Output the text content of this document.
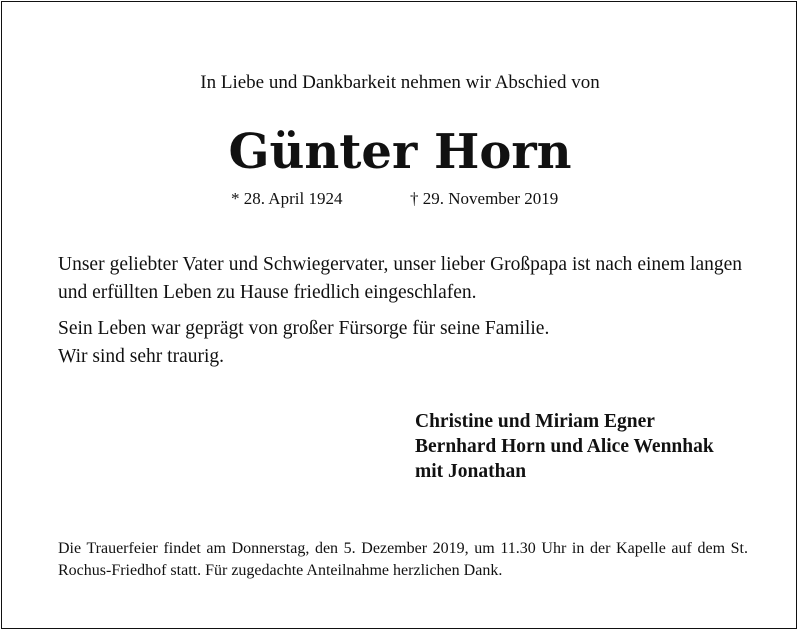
In Liebe und Dankbarkeit nehmen wir Abschied von
Günter Horn
* 28. April 1924	† 29. November 2019
Unser geliebter Vater und Schwiegervater, unser lieber Großpapa ist nach einem langen und erfüllten Leben zu Hause friedlich eingeschlafen.
Sein Leben war geprägt von großer Fürsorge für seine Familie.
Wir sind sehr traurig.
Christine und Miriam Egner
Bernhard Horn und Alice Wennhak
mit Jonathan
Die Trauerfeier findet am Donnerstag, den 5. Dezember 2019, um 11.30 Uhr in der Kapelle auf dem St. Rochus-Friedhof statt. Für zugedachte Anteilnahme herzlichen Dank.
